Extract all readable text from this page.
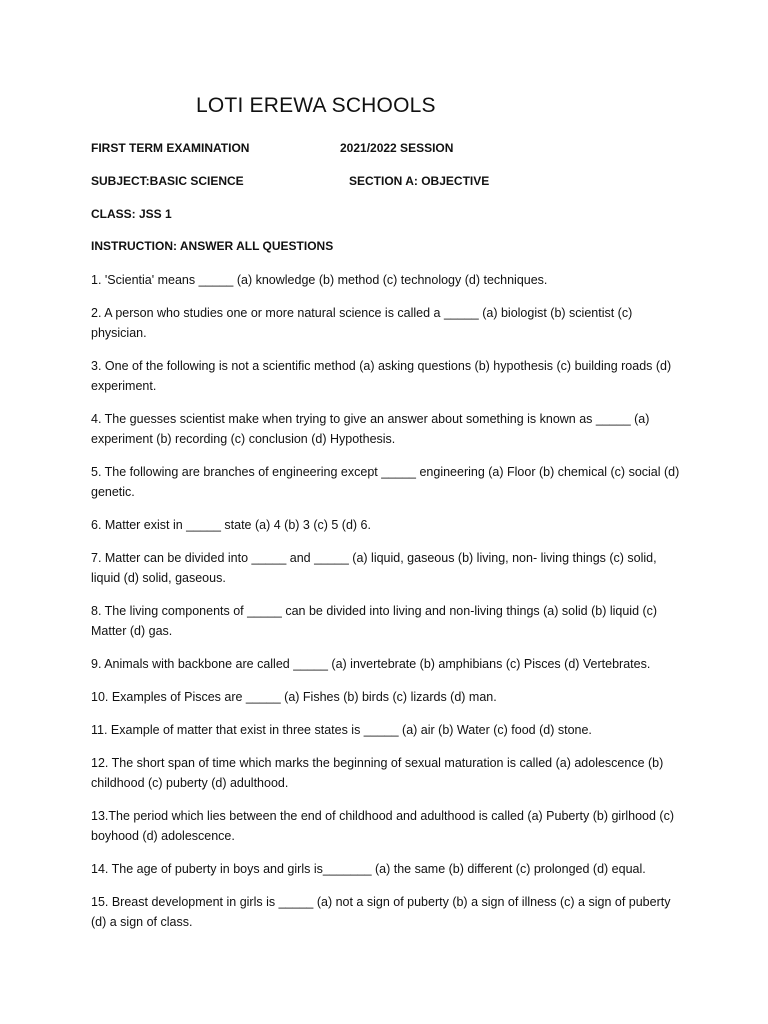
LOTI EREWA SCHOOLS

FIRST TERM EXAMINATION	2021/2022 SESSION

SUBJECT:BASIC SCIENCE	SECTION A: OBJECTIVE

CLASS: JSS 1

INSTRUCTION: ANSWER ALL QUESTIONS

1. 'Scientia' means _____ (a) knowledge (b) method (c) technology (d) techniques.
2. A person who studies one or more natural science is called a _____ (a) biologist (b) scientist (c) physician.
3. One of the following is not a scientific method (a) asking questions (b) hypothesis (c) building roads (d) experiment.
4. The guesses scientist make when trying to give an answer about something is known as _____ (a) experiment (b) recording (c) conclusion (d) Hypothesis.
5. The following are branches of engineering except _____ engineering (a) Floor (b) chemical (c) social (d) genetic.
6. Matter exist in _____ state (a) 4 (b) 3 (c) 5 (d) 6.
7. Matter can be divided into _____ and _____ (a) liquid, gaseous (b) living, non- living things (c) solid, liquid (d) solid, gaseous.
8. The living components of _____ can be divided into living and non-living things (a) solid (b) liquid (c) Matter (d) gas.
9. Animals with backbone are called _____ (a) invertebrate (b) amphibians (c) Pisces (d) Vertebrates.
10. Examples of Pisces are _____ (a) Fishes (b) birds (c) lizards (d) man.
11. Example of matter that exist in three states is _____ (a) air (b) Water (c) food (d) stone.
12. The short span of time which marks the beginning of sexual maturation is called (a) adolescence (b) childhood (c) puberty (d) adulthood.
13.The period which lies between the end of childhood and adulthood is called (a) Puberty (b) girlhood (c) boyhood (d) adolescence.
14. The age of puberty in boys and girls is_______ (a) the same (b) different (c) prolonged (d) equal.
15. Breast development in girls is _____ (a) not a sign of puberty (b) a sign of illness (c) a sign of puberty (d) a sign of class.
